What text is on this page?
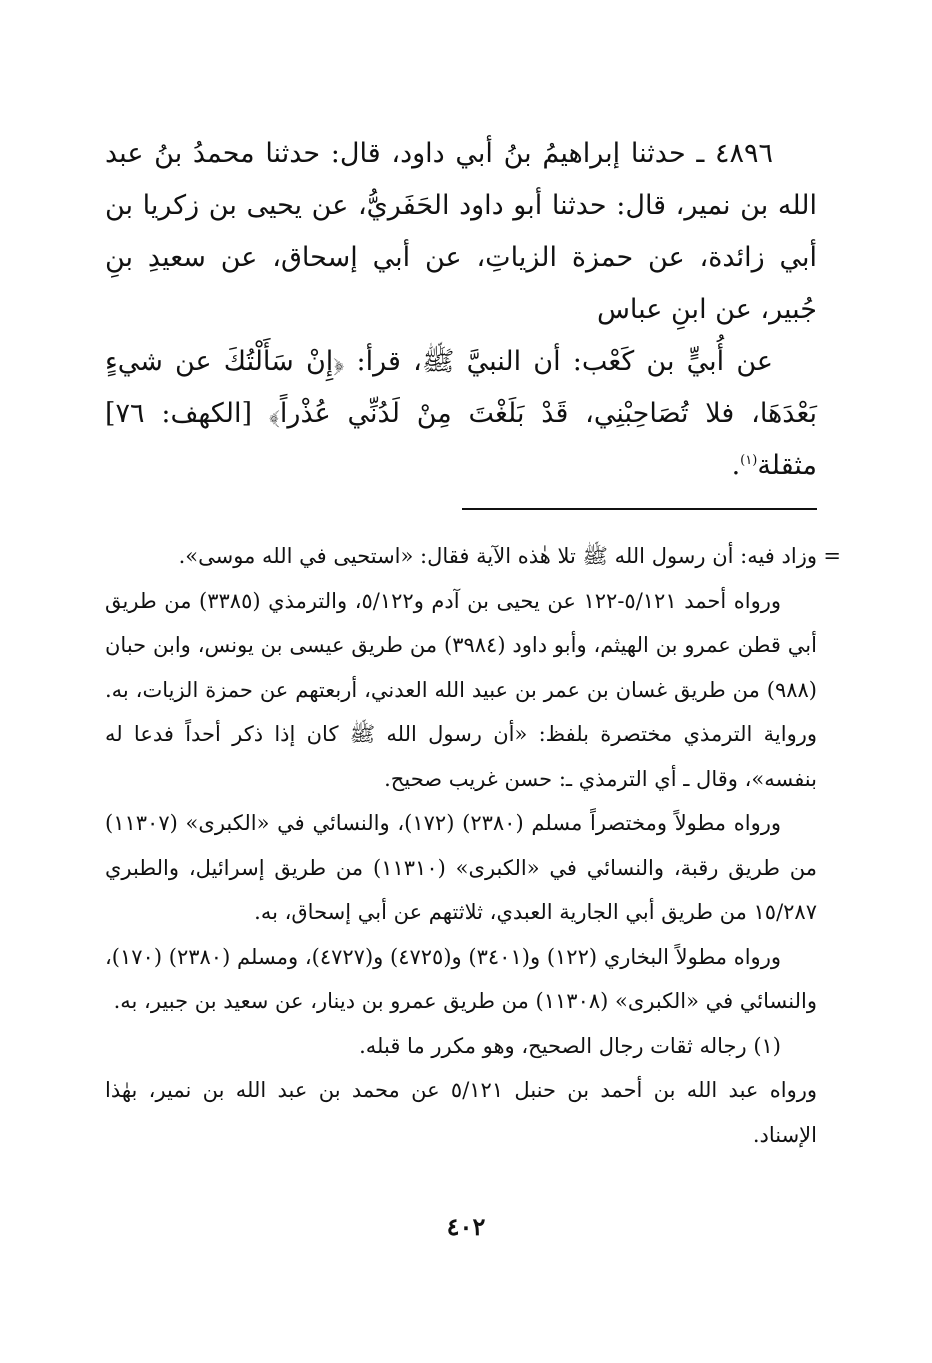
٤٨٩٦ ـ حدثنا إبراهيمُ بنُ أبي داود، قال: حدثنا محمدُ بنُ عبد الله بن نمير، قال: حدثنا أبو داود الحَفَريُّ، عن يحيى بن زكريا بن أبي زائدة، عن حمزة الزياتِ، عن أبي إسحاق، عن سعيدِ بنِ جُبير، عن ابنِ عباس

عن أُبيٍّ بن كَعْب: أن النبيَّ ﷺ، قرأ: ﴿إِنْ سَأَلْتُكَ عن شيءٍ بَعْدَهَا، فلا تُصَاحِبْنِي، قَدْ بَلَغْتَ مِنْ لَدُنِّي عُذْراً﴾ [الكهف: ٧٦] مثقلة$^{(١)}$.

=
وزاد فيه: أن رسول الله ﷺ تلا هٰذه الآية فقال: «استحيى في الله موسى».

ورواه أحمد ٥/١٢١-١٢٢ عن يحيى بن آدم و٥/١٢٢، والترمذي (٣٣٨٥) من طريق أبي قطن عمرو بن الهيثم، وأبو داود (٣٩٨٤) من طريق عيسى بن يونس، وابن حبان (٩٨٨) من طريق غسان بن عمر بن عبيد الله العدني، أربعتهم عن حمزة الزيات، به. ورواية الترمذي مختصرة بلفظ: «أن رسول الله ﷺ كان إذا ذكر أحداً فدعا له بنفسه»، وقال ـ أي الترمذي ـ: حسن غريب صحيح.

ورواه مطولاً ومختصراً مسلم (٢٣٨٠) (١٧٢)، والنسائي في «الكبرى» (١١٣٠٧) من طريق رقبة، والنسائي في «الكبرى» (١١٣١٠) من طريق إسرائيل، والطبري ١٥/٢٨٧ من طريق أبي الجارية العبدي، ثلاثتهم عن أبي إسحاق، به.

ورواه مطولاً البخاري (١٢٢) و(٣٤٠١) و(٤٧٢٥) و(٤٧٢٧)، ومسلم (٢٣٨٠) (١٧٠)، والنسائي في «الكبرى» (١١٣٠٨) من طريق عمرو بن دينار، عن سعيد بن جبير، به.

(١) رجاله ثقات رجال الصحيح، وهو مكرر ما قبله.

ورواه عبد الله بن أحمد بن حنبل ٥/١٢١ عن محمد بن عبد الله بن نمير، بهٰذا الإسناد.

٤٠٢
